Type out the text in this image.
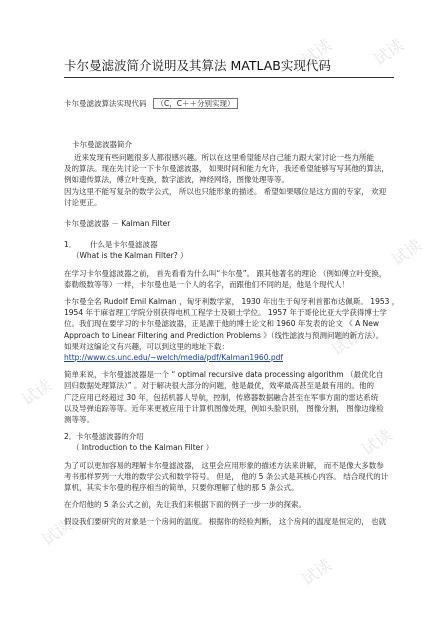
试读 试读
试读
试读
试读
试读
试读
试读
试读
卡尔曼滤波简介说明及其算法 MATLAB实现代码
卡尔曼滤波算法实现代码 （C，C＋＋分别实现）
卡尔曼滤波器简介
近来发现有些问题很多人都很感兴趣。所以在这里希望能尽自己能力跟大家讨论一些力所能
及的算法。现在先讨论一下卡尔曼滤波器， 如果时间和能力允许，我还希望能够写写其他的算法，
例如遗传算法，傅立叶变换，数字滤波，神经网络，图像处理等等。
因为这里不能写复杂的数学公式， 所以也只能形象的描述。 希望如果哪位是这方面的专家， 欢迎
讨论更正。
卡尔曼滤波器 － Kalman Filter
1． 什么是卡尔曼滤波器
（What is the Kalman Filter? ）
在学习卡尔曼滤波器之前， 首先看看为什么叫“卡尔曼”。 跟其他著名的理论 （例如傅立叶变换，
泰勒级数等等）一样，卡尔曼也是一个人的名字，而跟他们不同的是，他是个现代人！
卡尔曼全名 Rudolf Emil Kalman ，匈牙利数学家， 1930 年出生于匈牙利首都布达佩斯。 1953 ，
1954 年于麻省理工学院分别获得电机工程学士及硕士学位。 1957 年于哥伦比亚大学获得博士学
位。我们现在要学习的卡尔曼滤波器，正是源于他的博士论文和 1960 年发表的论文 《 A New
Approach to Linear Filtering and Prediction Problems 》（线性滤波与预测问题的新方法）。
如果对这编论文有兴趣，可以到这里的地址下载：
http://www.cs.unc.edu/~welch/media/pdf/Kalman1960.pdf
简单来说，卡尔曼滤波器是一个 “ optimal recursive data processing algorithm （最优化自
回归数据处理算法）” 。对于解决很大部分的问题，他是最优，效率最高甚至是最有用的。他的
广泛应用已经超过 30 年，包括机器人导航，控制，传感器数据融合甚至在军事方面的雷达系统
以及导弹追踪等等。近年来更被应用于计算机图像处理，例如头脸识别， 图像分割， 图像边缘检
测等等。
2．卡尔曼滤波器的介绍
（ Introduction to the Kalman Filter ）
为了可以更加容易的理解卡尔曼滤波器， 这里会应用形象的描述方法来讲解， 而不是像大多数参
考书那样罗列一大堆的数学公式和数学符号。 但是， 他的 5 条公式是其核心内容。 结合现代的计
算机，其实卡尔曼的程序相当的简单，只要你理解了他的那 5 条公式。
在介绍他的 5 条公式之前，先让我们来根据下面的例子一步一步的探索。
假设我们要研究的对象是一个房间的温度。 根据你的经验判断， 这个房间的温度是恒定的， 也就
